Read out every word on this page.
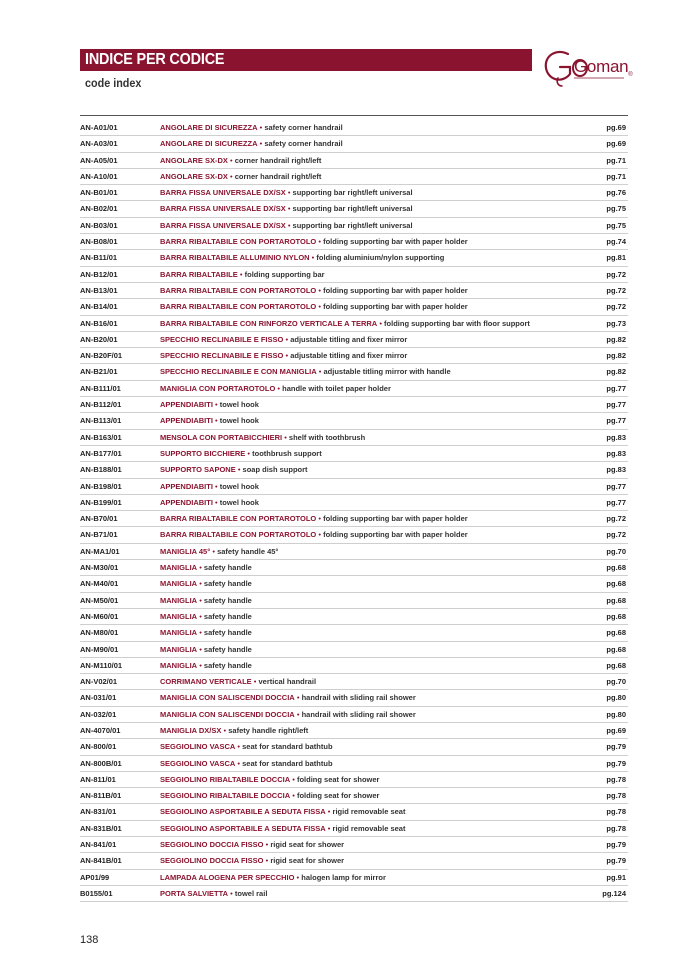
INDICE PER CODICE
code index
Goman®
AN-A01/01	ANGOLARE DI SICUREZZA • safety corner handrail	pg.69
AN-A03/01	ANGOLARE DI SICUREZZA • safety corner handrail	pg.69
AN-A05/01	ANGOLARE SX-DX • corner handrail right/left	pg.71
AN-A10/01	ANGOLARE SX-DX • corner handrail right/left	pg.71
AN-B01/01	BARRA FISSA UNIVERSALE DX/SX • supporting bar right/left universal	pg.76
AN-B02/01	BARRA FISSA UNIVERSALE DX/SX • supporting bar right/left universal	pg.75
AN-B03/01	BARRA FISSA UNIVERSALE DX/SX • supporting bar right/left universal	pg.75
AN-B08/01	BARRA RIBALTABILE CON PORTAROTOLO • folding supporting bar with paper holder	pg.74
AN-B11/01	BARRA RIBALTABILE ALLUMINIO NYLON • folding aluminium/nylon supporting	pg.81
AN-B12/01	BARRA RIBALTABILE • folding supporting bar	pg.72
AN-B13/01	BARRA RIBALTABILE CON PORTAROTOLO • folding supporting bar with paper holder	pg.72
AN-B14/01	BARRA RIBALTABILE CON PORTAROTOLO • folding supporting bar with paper holder	pg.72
AN-B16/01	BARRA RIBALTABILE CON RINFORZO VERTICALE A TERRA • folding supporting bar with floor support	pg.73
AN-B20/01	SPECCHIO RECLINABILE E FISSO • adjustable titling and fixer mirror	pg.82
AN-B20F/01	SPECCHIO RECLINABILE E FISSO • adjustable titling and fixer mirror	pg.82
AN-B21/01	SPECCHIO RECLINABILE E CON MANIGLIA • adjustable titling mirror with handle	pg.82
AN-B111/01	MANIGLIA CON PORTAROTOLO • handle with toilet paper holder	pg.77
AN-B112/01	APPENDIABITI • towel hook	pg.77
AN-B113/01	APPENDIABITI • towel hook	pg.77
AN-B163/01	MENSOLA CON PORTABICCHIERI • shelf with toothbrush	pg.83
AN-B177/01	SUPPORTO BICCHIERE • toothbrush support	pg.83
AN-B188/01	SUPPORTO SAPONE • soap dish support	pg.83
AN-B198/01	APPENDIABITI • towel hook	pg.77
AN-B199/01	APPENDIABITI • towel hook	pg.77
AN-B70/01	BARRA RIBALTABILE CON PORTAROTOLO • folding supporting bar with paper holder	pg.72
AN-B71/01	BARRA RIBALTABILE CON PORTAROTOLO • folding supporting bar with paper holder	pg.72
AN-MA1/01	MANIGLIA 45° • safety handle 45°	pg.70
AN-M30/01	MANIGLIA • safety handle	pg.68
AN-M40/01	MANIGLIA • safety handle	pg.68
AN-M50/01	MANIGLIA • safety handle	pg.68
AN-M60/01	MANIGLIA • safety handle	pg.68
AN-M80/01	MANIGLIA • safety handle	pg.68
AN-M90/01	MANIGLIA • safety handle	pg.68
AN-M110/01	MANIGLIA • safety handle	pg.68
AN-V02/01	CORRIMANO VERTICALE • vertical handrail	pg.70
AN-031/01	MANIGLIA CON SALISCENDI DOCCIA • handrail with sliding rail shower	pg.80
AN-032/01	MANIGLIA CON SALISCENDI DOCCIA • handrail with sliding rail shower	pg.80
AN-4070/01	MANIGLIA DX/SX • safety handle right/left	pg.69
AN-800/01	SEGGIOLINO VASCA • seat for standard bathtub	pg.79
AN-800B/01	SEGGIOLINO VASCA • seat for standard bathtub	pg.79
AN-811/01	SEGGIOLINO RIBALTABILE DOCCIA • folding seat for shower	pg.78
AN-811B/01	SEGGIOLINO RIBALTABILE DOCCIA • folding seat for shower	pg.78
AN-831/01	SEGGIOLINO ASPORTABILE A SEDUTA FISSA • rigid removable seat	pg.78
AN-831B/01	SEGGIOLINO ASPORTABILE A SEDUTA FISSA • rigid removable seat	pg.78
AN-841/01	SEGGIOLINO DOCCIA FISSO • rigid seat for shower	pg.79
AN-841B/01	SEGGIOLINO DOCCIA FISSO • rigid seat for shower	pg.79
AP01/99	LAMPADA ALOGENA PER SPECCHIO • halogen lamp for mirror	pg.91
B0155/01	PORTA SALVIETTA • towel rail	pg.124
138
